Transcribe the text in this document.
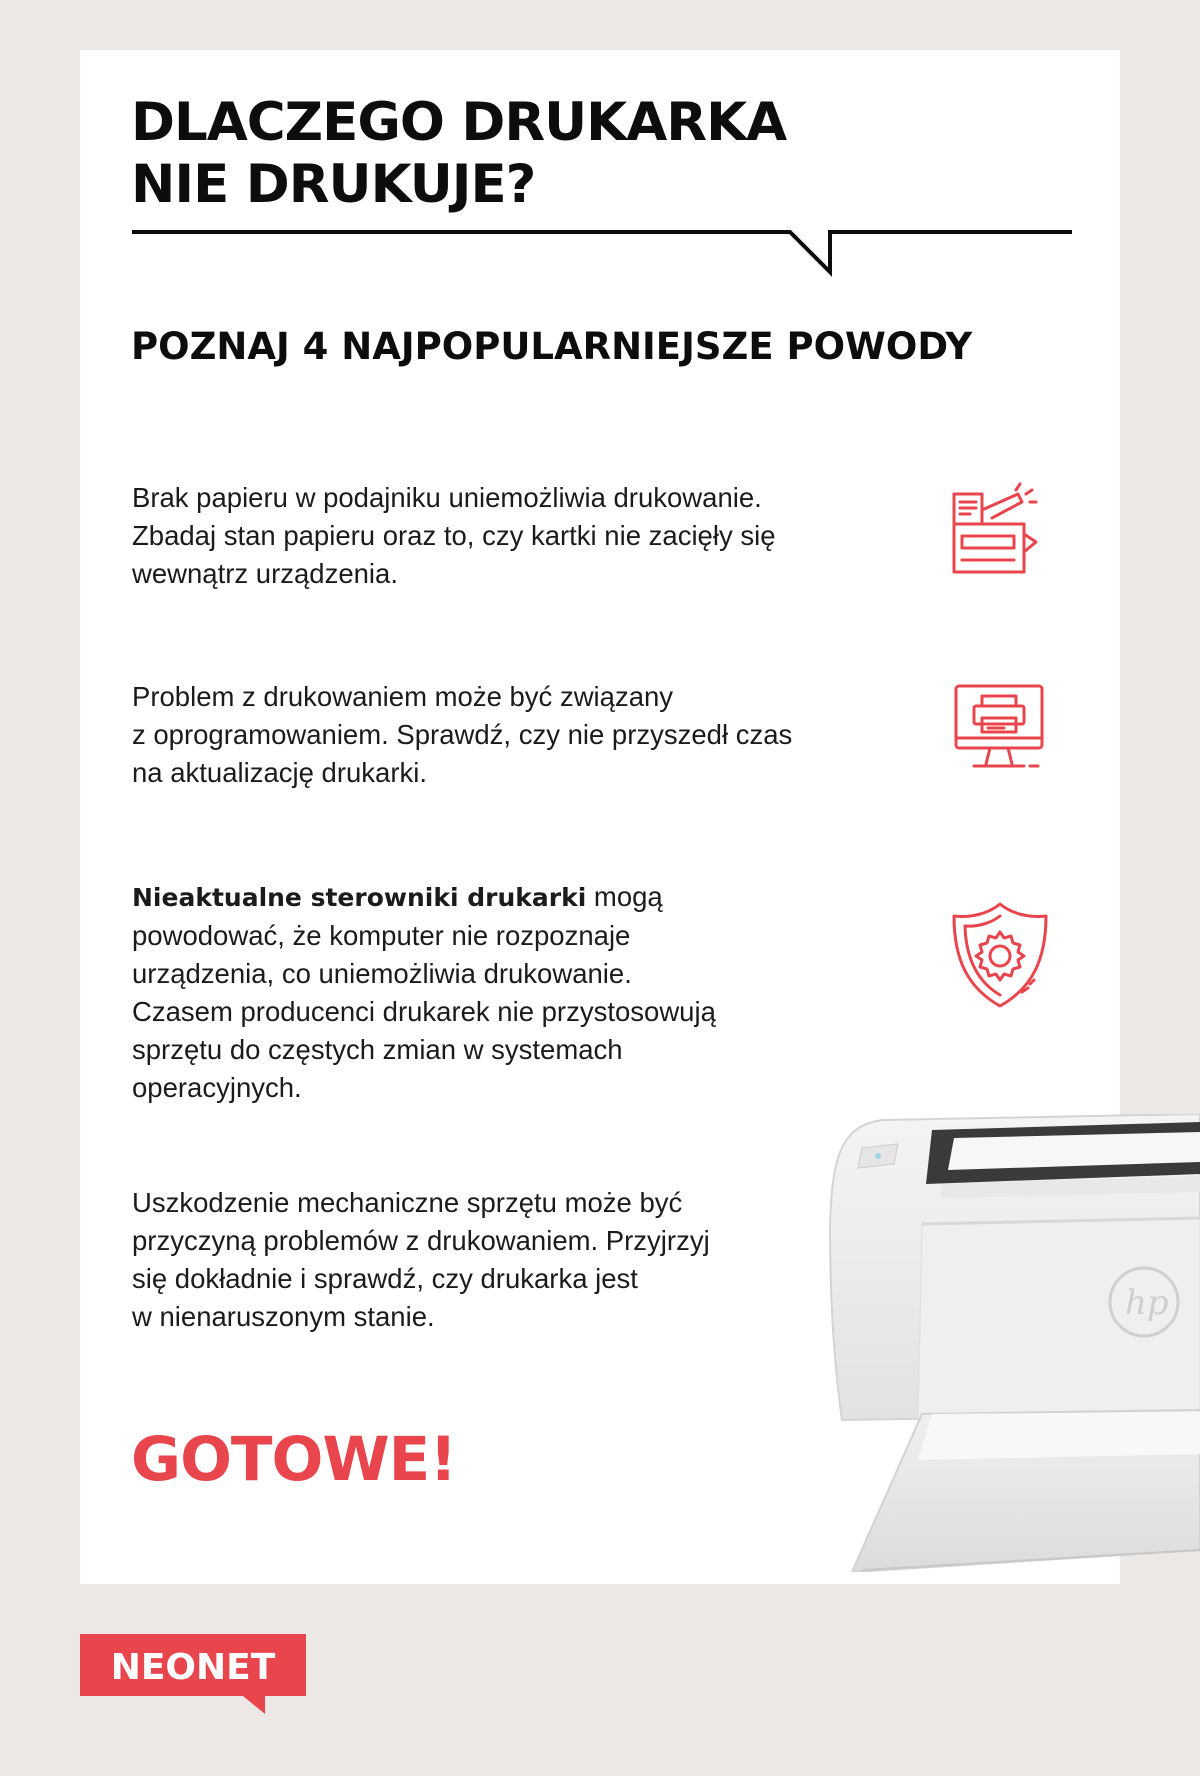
DLACZEGO DRUKARKA
NIE DRUKUJE?
POZNAJ 4 NAJPOPULARNIEJSZE POWODY

Brak papieru w podajniku uniemożliwia drukowanie.
Zbadaj stan papieru oraz to, czy kartki nie zacięły się
wewnątrz urządzenia.

Problem z drukowaniem może być związany
z oprogramowaniem. Sprawdź, czy nie przyszedł czas
na aktualizację drukarki.

Nieaktualne sterowniki drukarki mogą
powodować, że komputer nie rozpoznaje
urządzenia, co uniemożliwia drukowanie.
Czasem producenci drukarek nie przystosowują
sprzętu do częstych zmian w systemach
operacyjnych.

Uszkodzenie mechaniczne sprzętu może być
przyczyną problemów z drukowaniem. Przyjrzyj
się dokładnie i sprawdź, czy drukarka jest
w nienaruszonym stanie.

GOTOWE!

hp
NEONET
